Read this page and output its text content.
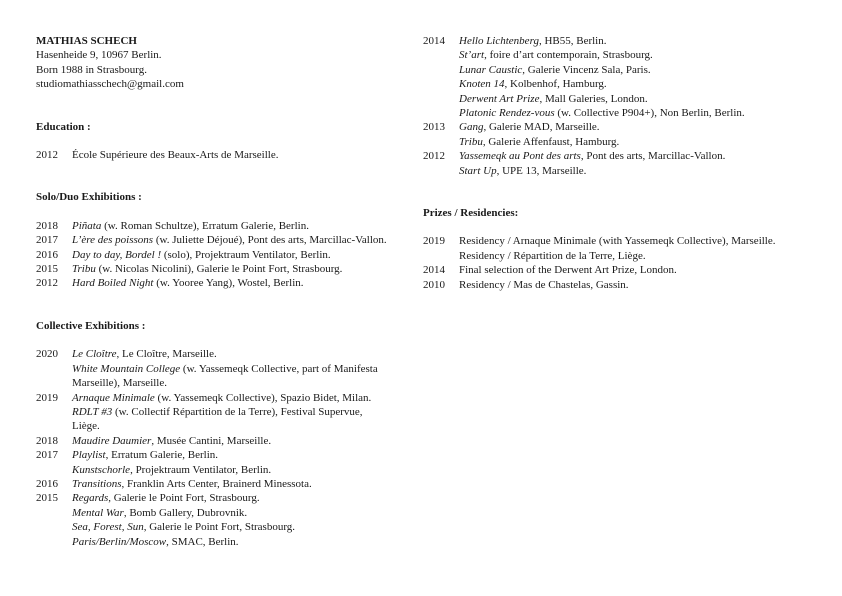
MATHIAS SCHECH
Hasenheide 9, 10967 Berlin.
Born 1988 in Strasbourg.
studiomathiasschech@gmail.com
Education :
2012	École Supérieure des Beaux-Arts de Marseille.
Solo/Duo Exhibitions :
2018	Piñata (w. Roman Schultze), Erratum Galerie, Berlin.
2017	L’ère des poissons (w. Juliette Déjoué), Pont des arts, Marcillac-Vallon.
2016	Day to day, Bordel ! (solo), Projektraum Ventilator, Berlin.
2015	Tribu (w. Nicolas Nicolini), Galerie le Point Fort, Strasbourg.
2012	Hard Boiled Night (w. Yooree Yang), Wostel, Berlin.
Collective Exhibitions :
2020	Le Cloître, Le Cloître, Marseille.
White Mountain College (w. Yassemeqk Collective, part of Manifesta
Marseille), Marseille.
2019	Arnaque Minimale (w. Yassemeqk Collective), Spazio Bidet, Milan.
RDLT #3 (w. Collectif Répartition de la Terre), Festival Supervue,
Liège.
2018	Maudire Daumier, Musée Cantini, Marseille.
2017	Playlist, Erratum Galerie, Berlin.
Kunstschorle, Projektraum Ventilator, Berlin.
2016	Transitions, Franklin Arts Center, Brainerd Minessota.
2015	Regards, Galerie le Point Fort, Strasbourg.
Mental War, Bomb Gallery, Dubrovnik.
Sea, Forest, Sun, Galerie le Point Fort, Strasbourg.
Paris/Berlin/Moscow, SMAC, Berlin.
2014	Hello Lichtenberg, HB55, Berlin.
St’art, foire d’art contemporain, Strasbourg.
Lunar Caustic, Galerie Vincenz Sala, Paris.
Knoten 14, Kolbenhof, Hamburg.
Derwent Art Prize, Mall Galeries, London.
Platonic Rendez-vous (w. Collective P904+), Non Berlin, Berlin.
2013	Gang, Galerie MAD, Marseille.
Tribu, Galerie Affenfaust, Hamburg.
2012	Yassemeqk au Pont des arts, Pont des arts, Marcillac-Vallon.
Start Up, UPE 13, Marseille.
Prizes / Residencies:
2019	Residency / Arnaque Minimale (with Yassemeqk Collective), Marseille.
Residency / Répartition de la Terre, Liège.
2014	Final selection of the Derwent Art Prize, London.
2010	Residency / Mas de Chastelas, Gassin.
